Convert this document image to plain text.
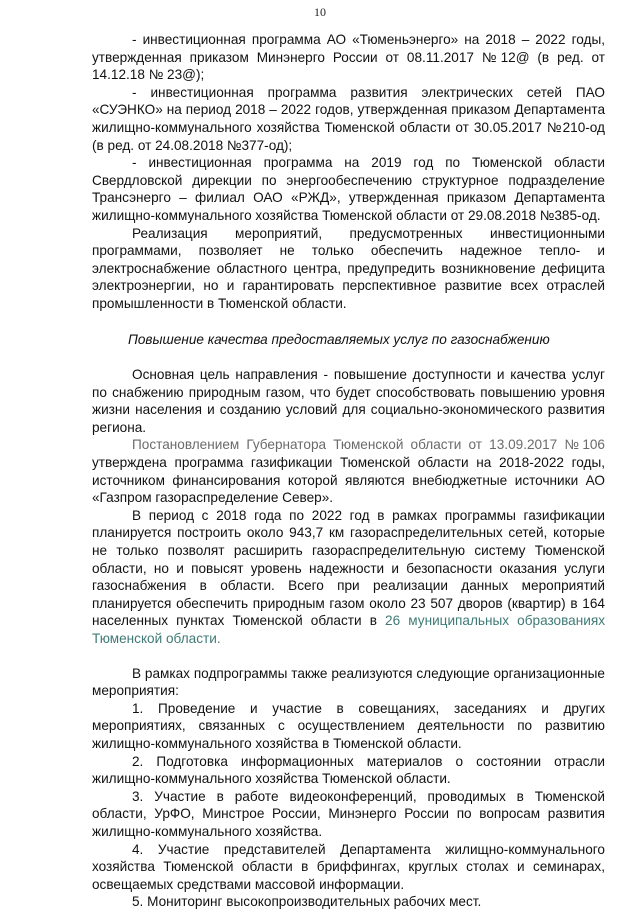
10

- инвестиционная программа АО «Тюменьэнерго» на 2018 – 2022 годы, утвержденная приказом Минэнерго России от 08.11.2017 №12@ (в ред. от 14.12.18 № 23@);

- инвестиционная программа развития электрических сетей ПАО «СУЭНКО» на период 2018 – 2022 годов, утвержденная приказом Департамента жилищно-коммунального хозяйства Тюменской области от 30.05.2017 №210-од (в ред. от 24.08.2018 №377-од);

- инвестиционная программа на 2019 год по Тюменской области Свердловской дирекции по энергообеспечению структурное подразделение Трансэнерго – филиал ОАО «РЖД», утвержденная приказом Департамента жилищно-коммунального хозяйства Тюменской области от 29.08.2018 №385-од.

Реализация мероприятий, предусмотренных инвестиционными программами, позволяет не только обеспечить надежное тепло- и электроснабжение областного центра, предупредить возникновение дефицита электроэнергии, но и гарантировать перспективное развитие всех отраслей промышленности в Тюменской области.

Повышение качества предоставляемых услуг по газоснабжению

Основная цель направления - повышение доступности и качества услуг по снабжению природным газом, что будет способствовать повышению уровня жизни населения и созданию условий для социально-экономического развития региона.

Постановлением Губернатора Тюменской области от 13.09.2017 №106 утверждена программа газификации Тюменской области на 2018-2022 годы, источником финансирования которой являются внебюджетные источники АО «Газпром газораспределение Север».

В период с 2018 года по 2022 год в рамках программы газификации планируется построить около 943,7 км газораспределительных сетей, которые не только позволят расширить газораспределительную систему Тюменской области, но и повысят уровень надежности и безопасности оказания услуги газоснабжения в области. Всего при реализации данных мероприятий планируется обеспечить природным газом около 23 507 дворов (квартир) в 164 населенных пунктах Тюменской области в 26 муниципальных образованиях Тюменской области.

В рамках подпрограммы также реализуются следующие организационные мероприятия:

1. Проведение и участие в совещаниях, заседаниях и других мероприятиях, связанных с осуществлением деятельности по развитию жилищно-коммунального хозяйства в Тюменской области.

2. Подготовка информационных материалов о состоянии отрасли жилищно-коммунального хозяйства Тюменской области.

3. Участие в работе видеоконференций, проводимых в Тюменской области, УрФО, Минстрое России, Минэнерго России по вопросам развития жилищно-коммунального хозяйства.

4. Участие представителей Департамента жилищно-коммунального хозяйства Тюменской области в бриффингах, круглых столах и семинарах, освещаемых средствами массовой информации.

5. Мониторинг высокопроизводительных рабочих мест.
